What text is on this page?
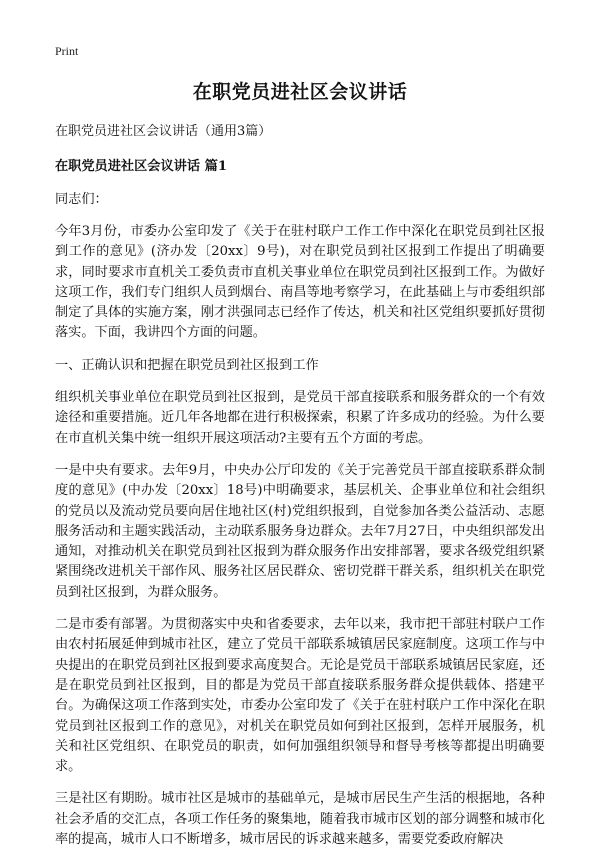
Print
在职党员进社区会议讲话
在职党员进社区会议讲话（通用3篇）
在职党员进社区会议讲话 篇1
同志们：

今年3月份，市委办公室印发了《关于在驻村联户工作工作中深化在职党员到社区报到工作的意见》(济办发〔20xx〕9号)，对在职党员到社区报到工作提出了明确要求，同时要求市直机关工委负责市直机关事业单位在职党员到社区报到工作。为做好这项工作，我们专门组织人员到烟台、南昌等地考察学习，在此基础上与市委组织部制定了具体的实施方案，刚才洪强同志已经作了传达，机关和社区党组织要抓好贯彻落实。下面，我讲四个方面的问题。

一、正确认识和把握在职党员到社区报到工作

组织机关事业单位在职党员到社区报到，是党员干部直接联系和服务群众的一个有效途径和重要措施。近几年各地都在进行积极探索，积累了许多成功的经验。为什么要在市直机关集中统一组织开展这项活动?主要有五个方面的考虑。

一是中央有要求。去年9月，中央办公厅印发的《关于完善党员干部直接联系群众制度的意见》(中办发〔20xx〕18号)中明确要求，基层机关、企事业单位和社会组织的党员以及流动党员要向居住地社区(村)党组织报到，自觉参加各类公益活动、志愿服务活动和主题实践活动，主动联系服务身边群众。去年7月27日，中央组织部发出通知，对推动机关在职党员到社区报到为群众服务作出安排部署，要求各级党组织紧紧围绕改进机关干部作风、服务社区居民群众、密切党群干群关系，组织机关在职党员到社区报到，为群众服务。

二是市委有部署。为贯彻落实中央和省委要求，去年以来，我市把干部驻村联户工作由农村拓展延伸到城市社区，建立了党员干部联系城镇居民家庭制度。这项工作与中央提出的在职党员到社区报到要求高度契合。无论是党员干部联系城镇居民家庭，还是在职党员到社区报到，目的都是为党员干部直接联系服务群众提供载体、搭建平台。为确保这项工作落到实处，市委办公室印发了《关于在驻村联户工作中深化在职党员到社区报到工作的意见》，对机关在职党员如何到社区报到，怎样开展服务，机关和社区党组织、在职党员的职责，如何加强组织领导和督导考核等都提出明确要求。

三是社区有期盼。城市社区是城市的基础单元，是城市居民生产生活的根据地，各种社会矛盾的交汇点，各项工作任务的聚集地，随着我市城市区划的部分调整和城市化率的提高，城市人口不断增多，城市居民的诉求越来越多，需要党委政府解决
